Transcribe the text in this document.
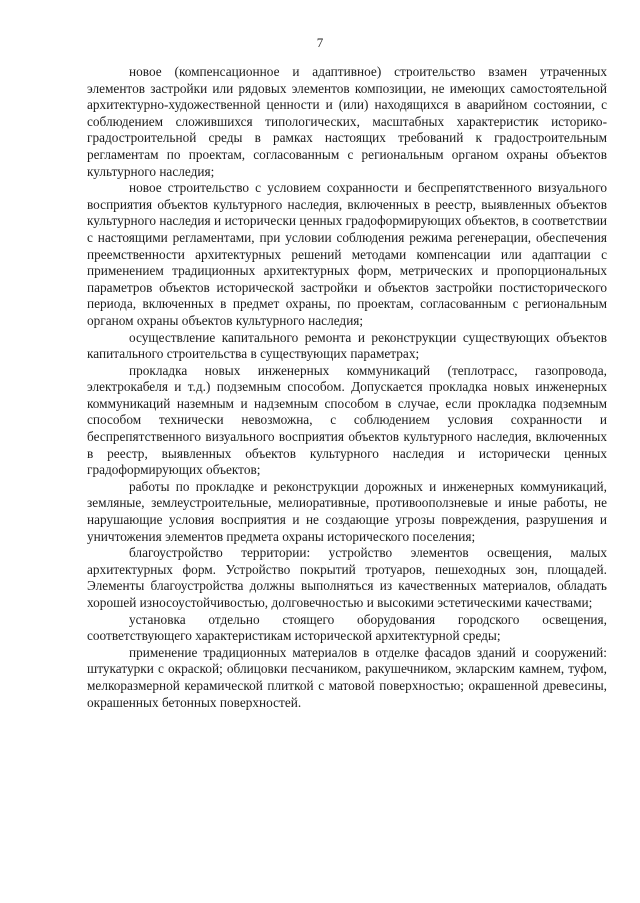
7

новое (компенсационное и адаптивное) строительство взамен утраченных элементов застройки или рядовых элементов композиции, не имеющих самостоятельной архитектурно-художественной ценности и (или) находящихся в аварийном состоянии, с соблюдением сложившихся типологических, масштабных характеристик историко-градостроительной среды в рамках настоящих требований к градостроительным регламентам по проектам, согласованным с региональным органом охраны объектов культурного наследия;

новое строительство с условием сохранности и беспрепятственного визуального восприятия объектов культурного наследия, включенных в реестр, выявленных объектов культурного наследия и исторически ценных градоформирующих объектов, в соответствии с настоящими регламентами, при условии соблюдения режима регенерации, обеспечения преемственности архитектурных решений методами компенсации или адаптации с применением традиционных архитектурных форм, метрических и пропорциональных параметров объектов исторической застройки и объектов застройки постисторического периода, включенных в предмет охраны, по проектам, согласованным с региональным органом охраны объектов культурного наследия;

осуществление капитального ремонта и реконструкции существующих объектов капитального строительства в существующих параметрах;

прокладка новых инженерных коммуникаций (теплотрасс, газопровода, электрокабеля и т.д.) подземным способом. Допускается прокладка новых инженерных коммуникаций наземным и надземным способом в случае, если прокладка подземным способом технически невозможна, с соблюдением условия сохранности и беспрепятственного визуального восприятия объектов культурного наследия, включенных в реестр, выявленных объектов культурного наследия и исторически ценных градоформирующих объектов;

работы по прокладке и реконструкции дорожных и инженерных коммуникаций, земляные, землеустроительные, мелиоративные, противооползневые и иные работы, не нарушающие условия восприятия и не создающие угрозы повреждения, разрушения и уничтожения элементов предмета охраны исторического поселения;

благоустройство территории: устройство элементов освещения, малых архитектурных форм. Устройство покрытий тротуаров, пешеходных зон, площадей. Элементы благоустройства должны выполняться из качественных материалов, обладать хорошей износоустойчивостью, долговечностью и высокими эстетическими качествами;

установка отдельно стоящего оборудования городского освещения, соответствующего характеристикам исторической архитектурной среды;

применение традиционных материалов в отделке фасадов зданий и сооружений: штукатурки с окраской; облицовки песчаником, ракушечником, экларским камнем, туфом, мелкоразмерной керамической плиткой с матовой поверхностью; окрашенной древесины, окрашенных бетонных поверхностей.
